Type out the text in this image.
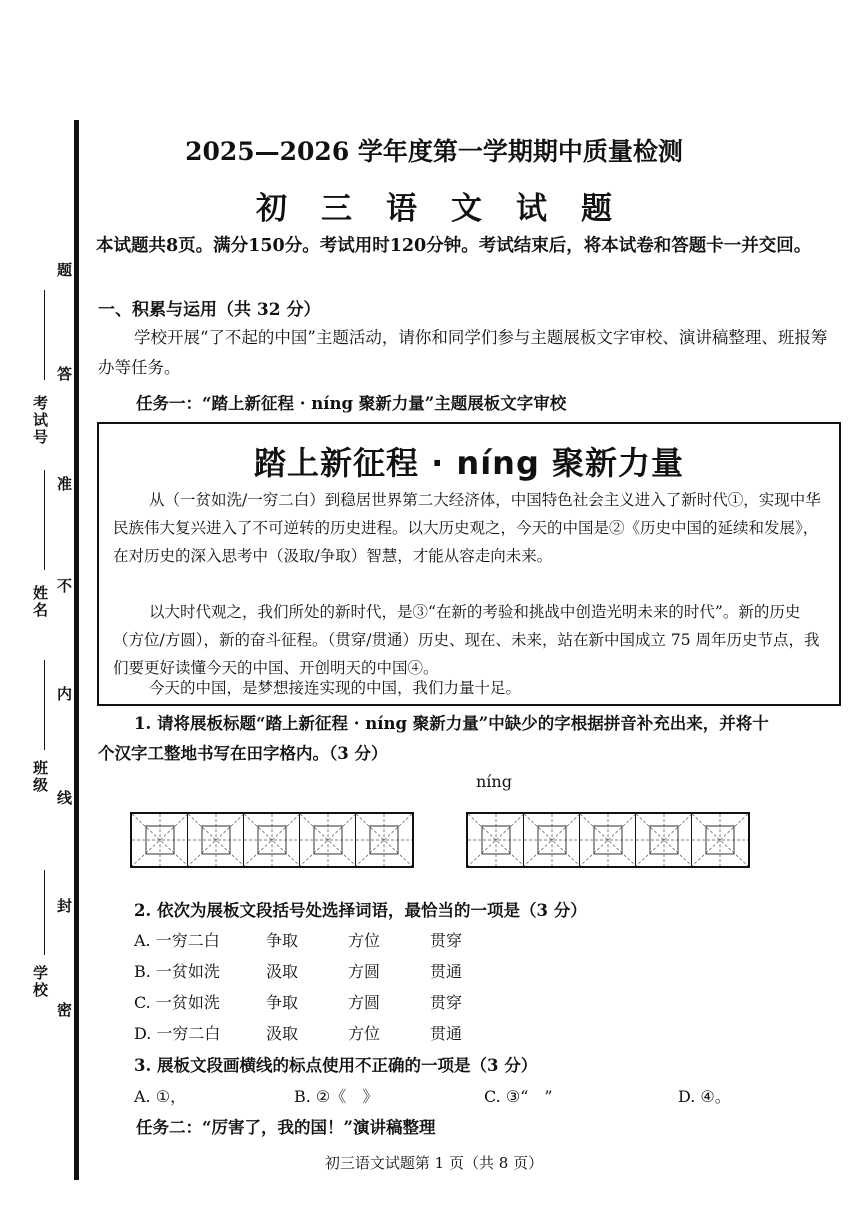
考试号
姓名
班级
学校
题
答
准
不
内
线
封
密
2025—2026 学年度第一学期期中质量检测
初三语文试题
本试题共8页。满分150分。考试用时120分钟。考试结束后，将本试卷和答题卡一并交回。
一、积累与运用（共 32 分）
学校开展“了不起的中国”主题活动，请你和同学们参与主题展板文字审校、演讲稿整理、班报筹办等任务。
任务一：“踏上新征程 · níng 聚新力量”主题展板文字审校
踏上新征程 · níng 聚新力量
从（一贫如洗/一穷二白）到稳居世界第二大经济体，中国特色社会主义进入了新时代①，实现中华民族伟大复兴进入了不可逆转的历史进程。以大历史观之，今天的中国是②《历史中国的延续和发展》，在对历史的深入思考中（汲取/争取）智慧，才能从容走向未来。
以大时代观之，我们所处的新时代，是③“在新的考验和挑战中创造光明未来的时代”。新的历史（方位/方圆），新的奋斗征程。（贯穿/贯通）历史、现在、未来，站在新中国成立 75 周年历史节点，我们要更好读懂今天的中国、开创明天的中国④。
今天的中国，是梦想接连实现的中国，我们力量十足。
1. 请将展板标题“踏上新征程 · níng 聚新力量”中缺少的字根据拼音补充出来，并将十
个汉字工整地书写在田字格内。（3 分）
níng
2. 依次为展板文段括号处选择词语，最恰当的一项是（3 分）
A. 一穷二白	争取	方位	贯穿
B. 一贫如洗	汲取	方圆	贯通
C. 一贫如洗	争取	方圆	贯穿
D. 一穷二白	汲取	方位	贯通
3. 展板文段画横线的标点使用不正确的一项是（3 分）
A. ①，	B. ②《　》	C. ③“　”	D. ④。
任务二：“厉害了，我的国！”演讲稿整理
初三语文试题第 1 页（共 8 页）
